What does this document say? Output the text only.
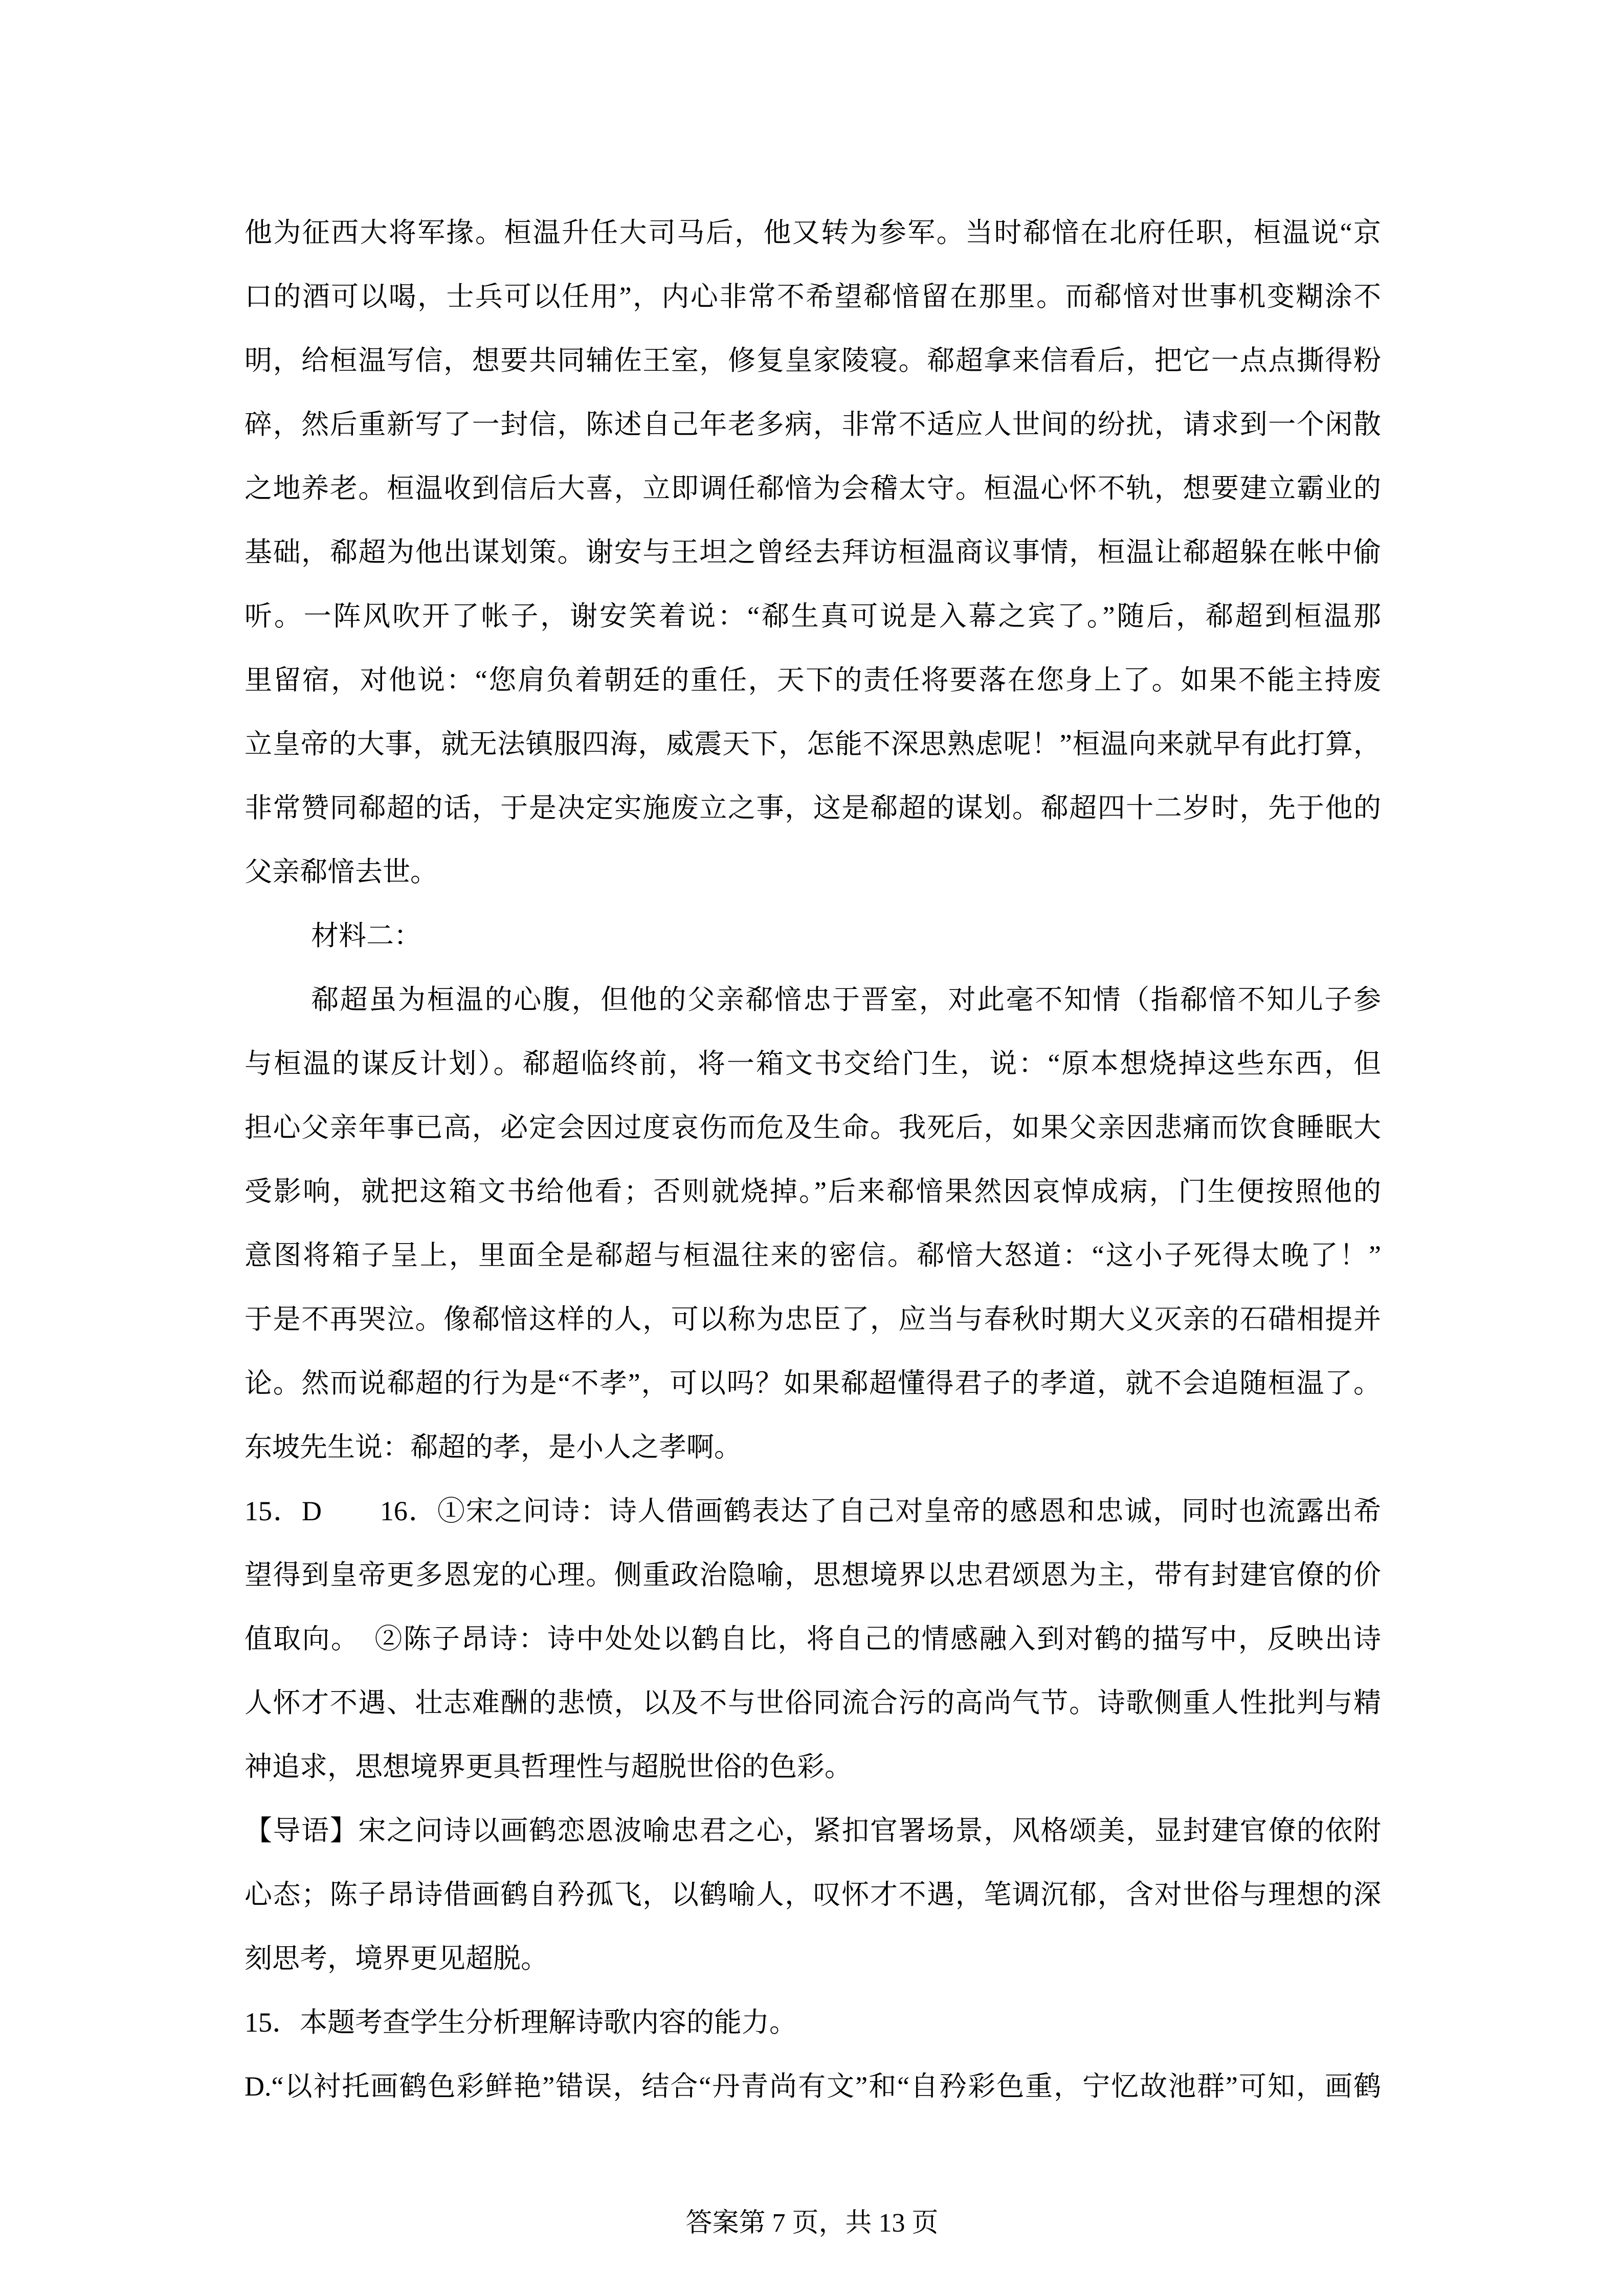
他为征西大将军掾。桓温升任大司马后，他又转为参军。当时郗愔在北府任职，桓温说“京
口的酒可以喝，士兵可以任用”，内心非常不希望郗愔留在那里。而郗愔对世事机变糊涂不
明，给桓温写信，想要共同辅佐王室，修复皇家陵寝。郗超拿来信看后，把它一点点撕得粉
碎，然后重新写了一封信，陈述自己年老多病，非常不适应人世间的纷扰，请求到一个闲散
之地养老。桓温收到信后大喜，立即调任郗愔为会稽太守。桓温心怀不轨，想要建立霸业的
基础，郗超为他出谋划策。谢安与王坦之曾经去拜访桓温商议事情，桓温让郗超躲在帐中偷
听。一阵风吹开了帐子，谢安笑着说：“郗生真可说是入幕之宾了。”随后，郗超到桓温那
里留宿，对他说：“您肩负着朝廷的重任，天下的责任将要落在您身上了。如果不能主持废
立皇帝的大事，就无法镇服四海，威震天下，怎能不深思熟虑呢！”桓温向来就早有此打算，
非常赞同郗超的话，于是决定实施废立之事，这是郗超的谋划。郗超四十二岁时，先于他的
父亲郗愔去世。
材料二：
郗超虽为桓温的心腹，但他的父亲郗愔忠于晋室，对此毫不知情（指郗愔不知儿子参
与桓温的谋反计划）。郗超临终前，将一箱文书交给门生，说：“原本想烧掉这些东西，但
担心父亲年事已高，必定会因过度哀伤而危及生命。我死后，如果父亲因悲痛而饮食睡眠大
受影响，就把这箱文书给他看；否则就烧掉。”后来郗愔果然因哀悼成病，门生便按照他的
意图将箱子呈上，里面全是郗超与桓温往来的密信。郗愔大怒道：“这小子死得太晚了！”
于是不再哭泣。像郗愔这样的人，可以称为忠臣了，应当与春秋时期大义灭亲的石碏相提并
论。然而说郗超的行为是“不孝”，可以吗？如果郗超懂得君子的孝道，就不会追随桓温了。
东坡先生说：郗超的孝，是小人之孝啊。
15．D　　16．①宋之问诗：诗人借画鹤表达了自己对皇帝的感恩和忠诚，同时也流露出希
望得到皇帝更多恩宠的心理。侧重政治隐喻，思想境界以忠君颂恩为主，带有封建官僚的价
值取向。　②陈子昂诗：诗中处处以鹤自比，将自己的情感融入到对鹤的描写中，反映出诗
人怀才不遇、壮志难酬的悲愤，以及不与世俗同流合污的高尚气节。诗歌侧重人性批判与精
神追求，思想境界更具哲理性与超脱世俗的色彩。
【导语】宋之问诗以画鹤恋恩波喻忠君之心，紧扣官署场景，风格颂美，显封建官僚的依附
心态；陈子昂诗借画鹤自矜孤飞，以鹤喻人，叹怀才不遇，笔调沉郁，含对世俗与理想的深
刻思考，境界更见超脱。
15．本题考查学生分析理解诗歌内容的能力。
D.“以衬托画鹤色彩鲜艳”错误，结合“丹青尚有文”和“自矜彩色重，宁忆故池群”可知，画鹤
答案第 7 页，共 13 页
